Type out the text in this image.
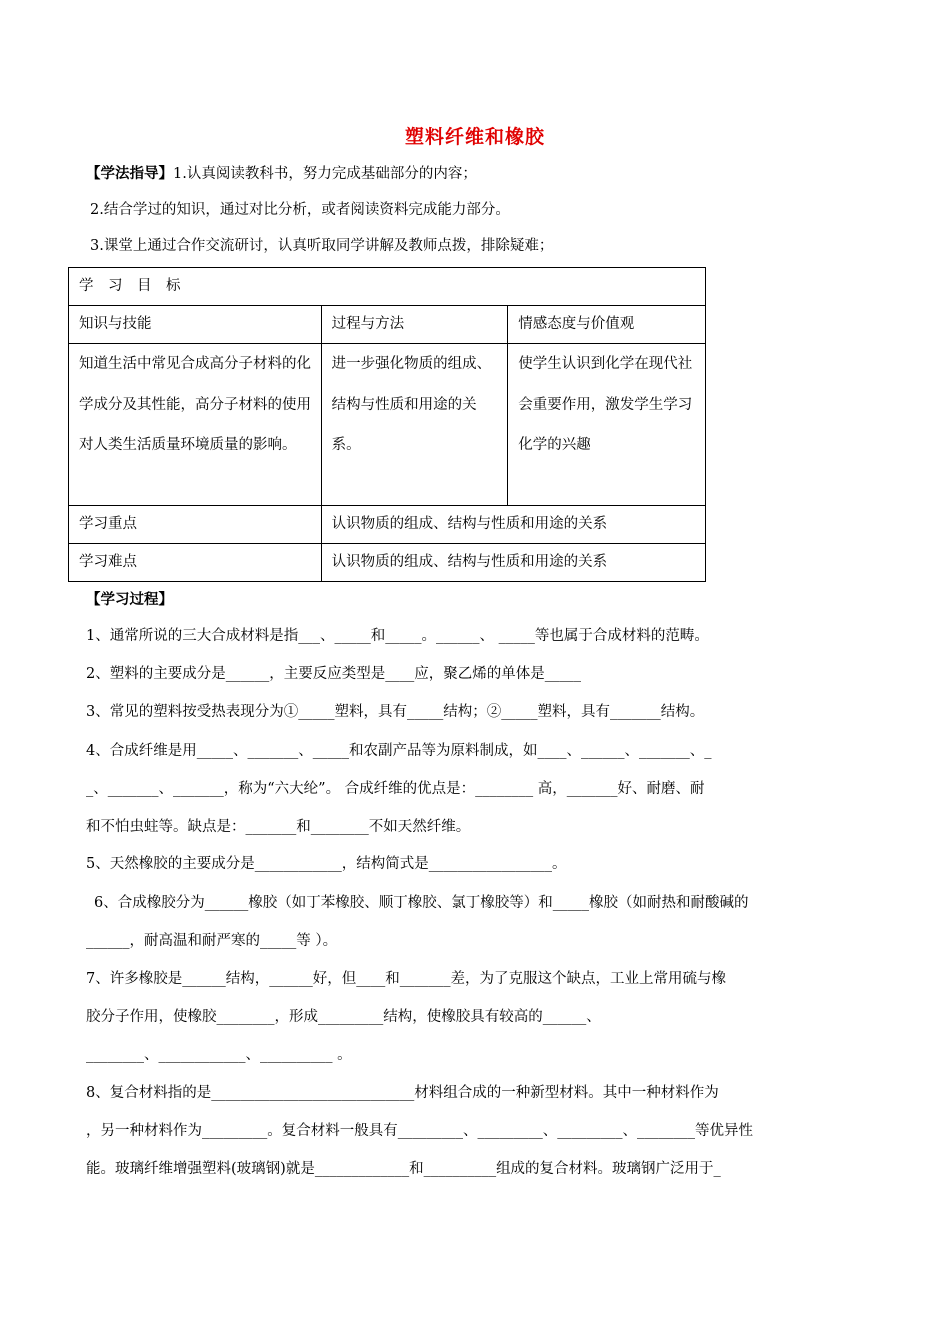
塑料纤维和橡胶
【学法指导】1.认真阅读教科书，努力完成基础部分的内容；
2.结合学过的知识，通过对比分析，或者阅读资料完成能力部分。
3.课堂上通过合作交流研讨，认真听取同学讲解及教师点拨，排除疑难；
学　习　目　标		
知识与技能	过程与方法	情感态度与价值观

知道生活中常见合成高分子材料的化学成分及其性能，高分子材料的使用对人类生活质量环境质量的影响。	进一步强化物质的组成、结构与性质和用途的关系。	使学生认识到化学在现代社会重要作用，激发学生学习化学的兴趣

学习重点	认识物质的组成、结构与性质和用途的关系	
学习难点	认识物质的组成、结构与性质和用途的关系	
【学习过程】
1、通常所说的三大合成材料是指___、_____和_____。______、 _____等也属于合成材料的范畴。
2、塑料的主要成分是______，主要反应类型是____应，聚乙烯的单体是_____
3、常见的塑料按受热表现分为①_____塑料，具有_____结构；②_____塑料，具有_______结构。
4、合成纤维是用_____、_______、_____和农副产品等为原料制成，如____、______、_______、_
_、_______、_______，称为“六大纶”。 合成纤维的优点是：________ 高，_______好、耐磨、耐
和不怕虫蛀等。缺点是：_______和________不如天然纤维。
5、天然橡胶的主要成分是____________，结构简式是_________________。
6、合成橡胶分为______橡胶（如丁苯橡胶、顺丁橡胶、氯丁橡胶等）和_____橡胶（如耐热和耐酸碱的
______，耐高温和耐严寒的_____等 ）。
7、许多橡胶是______结构，______好，但____和_______差，为了克服这个缺点，工业上常用硫与橡
胶分子作用，使橡胶________，形成_________结构，使橡胶具有较高的______、
________、____________、__________ 。
8、复合材料指的是____________________________材料组合成的一种新型材料。其中一种材料作为
，另一种材料作为_________。复合材料一般具有_________、_________、_________、________等优异性
能。玻璃纤维增强塑料(玻璃钢)就是_____________和__________组成的复合材料。玻璃钢广泛用于_
